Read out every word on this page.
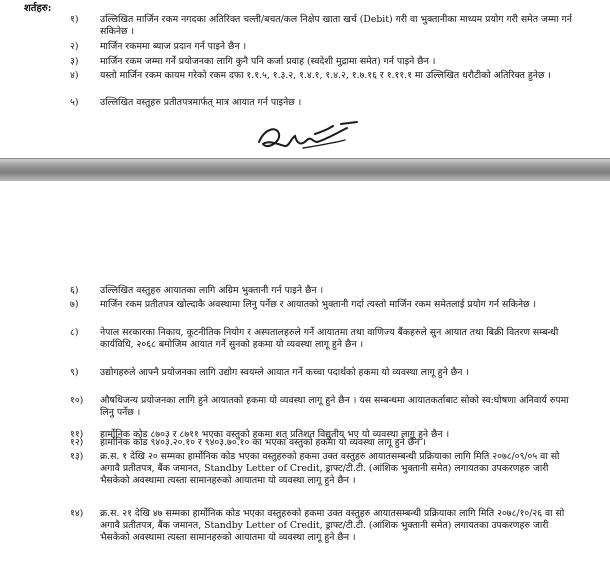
शर्तहरु:
१)	उल्लिखित मार्जिन रकम नगदका अतिरिक्त चल्ती/बचत/कल निक्षेप खाता खर्च (Debit) गरी वा भुक्तानीका माध्यम प्रयोग गरी समेत जम्मा गर्न सकिनेछ ।
२)	मार्जिन रकममा ब्याज प्रदान गर्न पाइने छैन ।
३)	मार्जिन रकम जम्मा गर्ने प्रयोजनका लागि कुनै पनि कर्जा प्रवाह (स्वदेशी मुद्रामा समेत) गर्न पाइने छैन ।
४)	यस्तो मार्जिन रकम कायम गरेको रकम दफा १.१.५, १.३.२, १.४.१, १.४.२, १.७.१६ र १.११.१ मा उल्लिखित धरौटीको अतिरिक्त हुनेछ ।
५)	उल्लिखित वस्तुहरु प्रतीतपत्रमार्फत् मात्र आयात गर्न पाइनेछ ।
६)	उल्लिखित वस्तुहरु आयातका लागि अग्रिम भुक्तानी गर्न पाइने छैन ।
७)	मार्जिन रकम प्रतीतपत्र खोल्दाकै अवस्थामा लिनु पर्नेछ र आयातको भुक्तानी गर्दा त्यस्तो मार्जिन रकम समेतलाई प्रयोग गर्न सकिनेछ ।
८)	नेपाल सरकारका निकाय, कूटनीतिक नियोग र अस्पतालहरुले गर्ने आयातमा तथा वाणिज्य बैंकहरुले सुन आयात तथा बिक्री वितरण सम्बन्धी कार्यविधि, २०६८ बमोजिम आयात गर्ने सुनको हकमा यो व्यवस्था लागू हुने छैन ।
९)	उद्योगहरुले आफ्नै प्रयोजनका लागि उद्योग स्वयम्ले आयात गर्ने कच्चा पदार्थको हकमा यो व्यवस्था लागू हुने छैन ।
१०)	औषधिजन्य प्रयोजनका लागि हुने आयातको हकमा यो व्यवस्था लागू हुने छैन । यस सम्बन्धमा आयातकर्ताबाट सोको स्व:घोषणा अनिवार्य रुपमा लिनु पर्नेछ ।
११)	हार्मोनिक कोड ८७०३ र ८७११ भएका वस्तुको हकमा शत् प्रतिशत विद्युतीय भए यो व्यवस्था लागू हुने छैन ।
१२)	हार्मोनिक कोड ९४०३.२०.१० र ९४०३.७०.१० का भएका वस्तुको हकमा यो व्यवस्था लागू हुने छैन ।
१३)	क्र.स. १ देखि २० सम्मका हार्मोनिक कोड भएका वस्तुहरुको हकमा उक्त वस्तुहरु आयातसम्बन्धी प्रक्रियाका लागि मिति २०७८/०९/०५ वा सो अगावै प्रतीतपत्र, बैंक जमानत, Standby Letter of Credit, ड्राफ्ट/टी.टी. (आंशिक भुक्तानी समेत) लगायतका उपकरणहरु जारी भैसकेको अवस्थामा त्यस्ता सामानहरुको आयातमा यो व्यवस्था लागू हुने छैन ।
१४)	क्र.स. २१ देखि ४७ सम्मका हार्मोनिक कोड भएका वस्तुहरुको हकमा उक्त वस्तुहरु आयातसम्बन्धी प्रक्रियाका लागि मिति २०७८/१०/२६ वा सो अगावै प्रतीतपत्र, बैंक जमानत, Standby Letter of Credit, ड्राफ्ट/टी.टी. (आंशिक भुक्तानी समेत) लगायतका उपकरणहरु जारी भैसकेको अवस्थामा त्यस्ता सामानहरुको आयातमा यो व्यवस्था लागू हुने छैन ।
